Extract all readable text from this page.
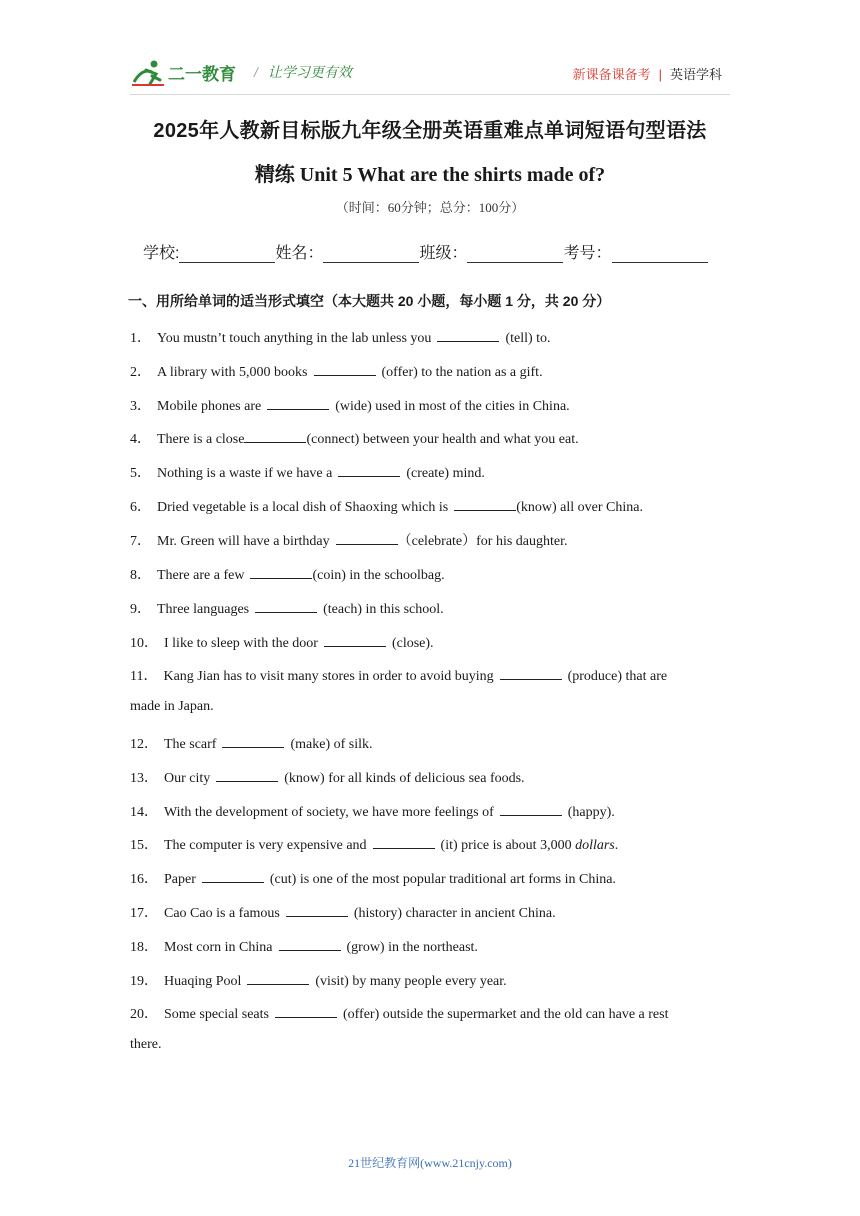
二一教育 / 让学习更有效	新课备课备考 | 英语学科
2025年人教新目标版九年级全册英语重难点单词短语句型语法
精练 Unit 5 What are the shirts made of?
（时间：60分钟；总分：100分）
学校:	姓名：	班级：	考号：
一、用所给单词的适当形式填空（本大题共 20 小题，每小题 1 分，共 20 分）
1． You mustn’t touch anything in the lab unless you	(tell) to.
2． A library with 5,000 books	(offer) to the nation as a gift.
3． Mobile phones are	(wide) used in most of the cities in China.
4． There is a close	(connect) between your health and what you eat.
5． Nothing is a waste if we have a	(create) mind.
6． Dried vegetable is a local dish of Shaoxing which is	(know) all over China.
7． Mr. Green will have a birthday	（celebrate）for his daughter.
8． There are a few	(coin) in the schoolbag.
9． Three languages	(teach) in this school.
10． I like to sleep with the door	(close).
11． Kang Jian has to visit many stores in order to avoid buying	(produce) that are
made in Japan.
12． The scarf	(make) of silk.
13． Our city	(know) for all kinds of delicious sea foods.
14． With the development of society, we have more feelings of	(happy).
15． The computer is very expensive and	(it) price is about 3,000 dollars.
16． Paper	(cut) is one of the most popular traditional art forms in China.
17． Cao Cao is a famous	(history) character in ancient China.
18． Most corn in China	(grow) in the northeast.
19． Huaqing Pool	(visit) by many people every year.
20． Some special seats	(offer) outside the supermarket and the old can have a rest
there.
21世纪教育网(www.21cnjy.com)
